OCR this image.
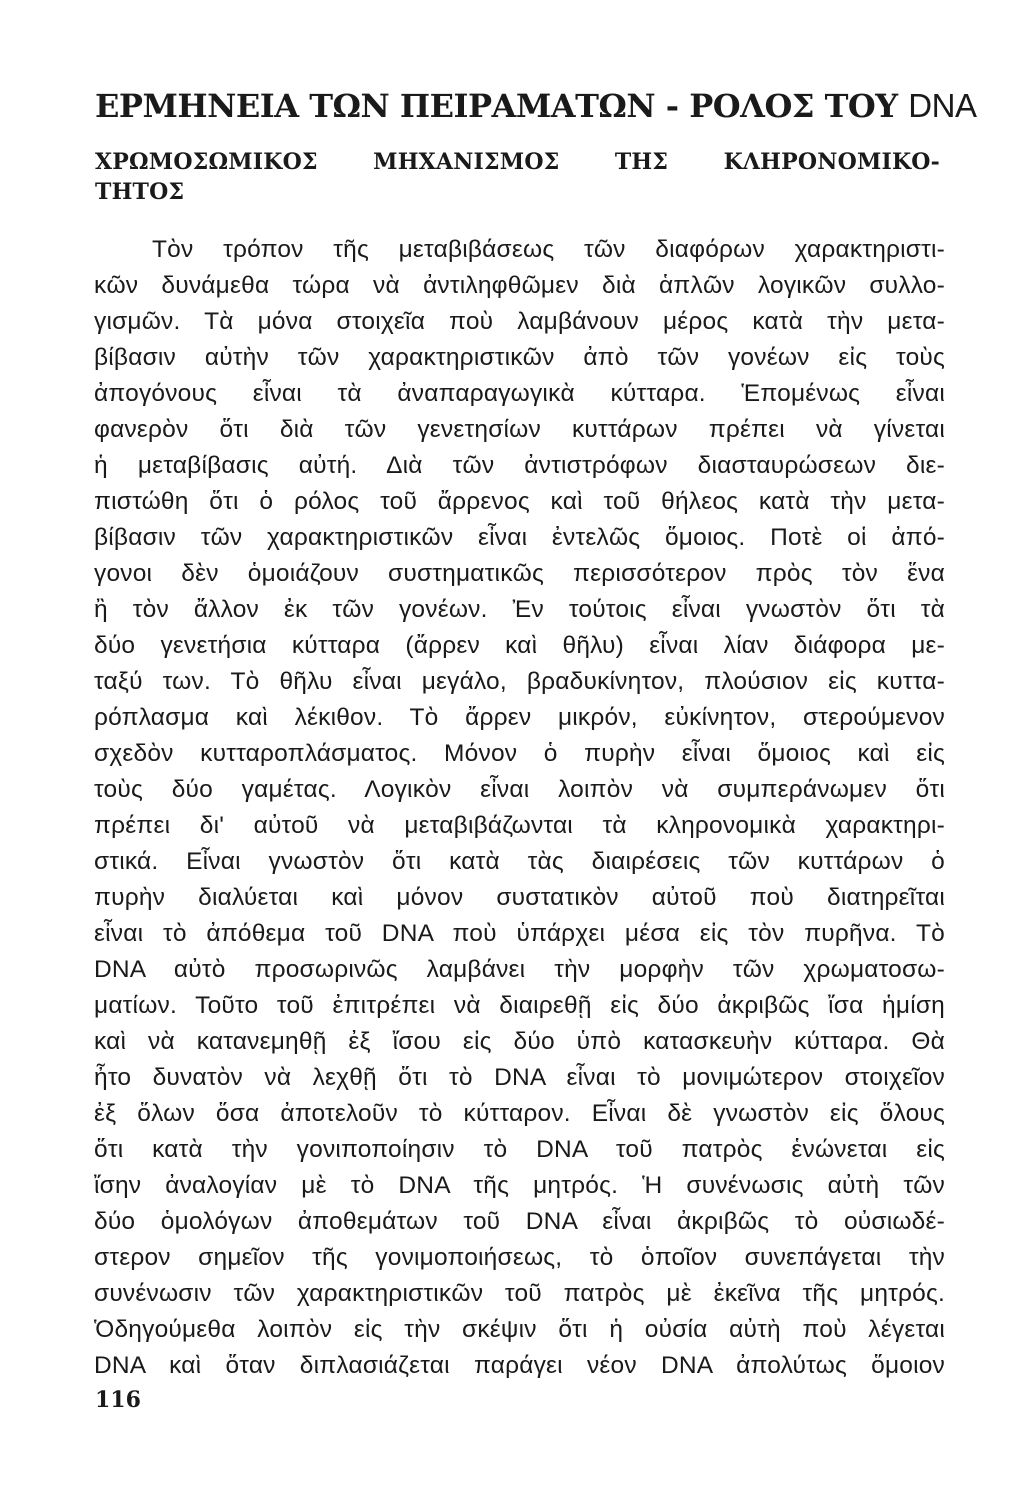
ΕΡΜΗΝΕΙΑ ΤΩΝ ΠΕΙΡΑΜΑΤΩΝ - ΡΟΛΟΣ ΤΟΥ DNA
ΧΡΩΜΟΣΩΜΙΚΟΣ ΜΗΧΑΝΙΣΜΟΣ ΤΗΣ ΚΛΗΡΟΝΟΜΙΚΟ-
ΤΗΤΟΣ
Τὸν τρόπον τῆς μεταβιβάσεως τῶν διαφόρων χαρακτηριστι-
κῶν δυνάμεθα τώρα νὰ ἀντιληφθῶμεν διὰ ἁπλῶν λογικῶν συλλο-
γισμῶν. Τὰ μόνα στοιχεῖα ποὺ λαμβάνουν μέρος κατὰ τὴν μετα-
βίβασιν αὐτὴν τῶν χαρακτηριστικῶν ἀπὸ τῶν γονέων εἰς τοὺς
ἀπογόνους εἶναι τὰ ἀναπαραγωγικὰ κύτταρα. Ἑπομένως εἶναι
φανερὸν ὅτι διὰ τῶν γενετησίων κυττάρων πρέπει νὰ γίνεται
ἡ μεταβίβασις αὐτή. Διὰ τῶν ἀντιστρόφων διασταυρώσεων διε-
πιστώθη ὅτι ὁ ρόλος τοῦ ἄρρενος καὶ τοῦ θήλεος κατὰ τὴν μετα-
βίβασιν τῶν χαρακτηριστικῶν εἶναι ἐντελῶς ὅμοιος. Ποτὲ οἱ ἀπό-
γονοι δὲν ὁμοιάζουν συστηματικῶς περισσότερον πρὸς τὸν ἕνα
ἢ τὸν ἄλλον ἐκ τῶν γονέων. Ἐν τούτοις εἶναι γνωστὸν ὅτι τὰ
δύο γενετήσια κύτταρα (ἄρρεν καὶ θῆλυ) εἶναι λίαν διάφορα με-
ταξύ των. Τὸ θῆλυ εἶναι μεγάλο, βραδυκίνητον, πλούσιον εἰς κυττα-
ρόπλασμα καὶ λέκιθον. Τὸ ἄρρεν μικρόν, εὐκίνητον, στερούμενον
σχεδὸν κυτταροπλάσματος. Μόνον ὁ πυρὴν εἶναι ὅμοιος καὶ εἰς
τοὺς δύο γαμέτας. Λογικὸν εἶναι λοιπὸν νὰ συμπεράνωμεν ὅτι
πρέπει δι' αὐτοῦ νὰ μεταβιβάζωνται τὰ κληρονομικὰ χαρακτηρι-
στικά. Εἶναι γνωστὸν ὅτι κατὰ τὰς διαιρέσεις τῶν κυττάρων ὁ
πυρὴν διαλύεται καὶ μόνον συστατικὸν αὐτοῦ ποὺ διατηρεῖται
εἶναι τὸ ἀπόθεμα τοῦ DNA ποὺ ὑπάρχει μέσα εἰς τὸν πυρῆνα. Τὸ
DNA αὐτὸ προσωρινῶς λαμβάνει τὴν μορφὴν τῶν χρωματοσω-
ματίων. Τοῦτο τοῦ ἐπιτρέπει νὰ διαιρεθῇ εἰς δύο ἀκριβῶς ἴσα ἡμίση
καὶ νὰ κατανεμηθῇ ἐξ ἴσου εἰς δύο ὑπὸ κατασκευὴν κύτταρα. Θὰ
ἦτο δυνατὸν νὰ λεχθῇ ὅτι τὸ DNA εἶναι τὸ μονιμώτερον στοιχεῖον
ἐξ ὅλων ὅσα ἀποτελοῦν τὸ κύτταρον. Εἶναι δὲ γνωστὸν εἰς ὅλους
ὅτι κατὰ τὴν γονιποποίησιν τὸ DNA τοῦ πατρὸς ἑνώνεται εἰς
ἴσην ἀναλογίαν μὲ τὸ DNA τῆς μητρός. Ἡ συνένωσις αὐτὴ τῶν
δύο ὁμολόγων ἀποθεμάτων τοῦ DNA εἶναι ἀκριβῶς τὸ οὐσιωδέ-
στερον σημεῖον τῆς γονιμοποιήσεως, τὸ ὁποῖον συνεπάγεται τὴν
συνένωσιν τῶν χαρακτηριστικῶν τοῦ πατρὸς μὲ ἐκεῖνα τῆς μητρός.
Ὁδηγούμεθα λοιπὸν εἰς τὴν σκέψιν ὅτι ἡ οὐσία αὐτὴ ποὺ λέγεται
DNA καὶ ὅταν διπλασιάζεται παράγει νέον DNA ἀπολύτως ὅμοιον
116
